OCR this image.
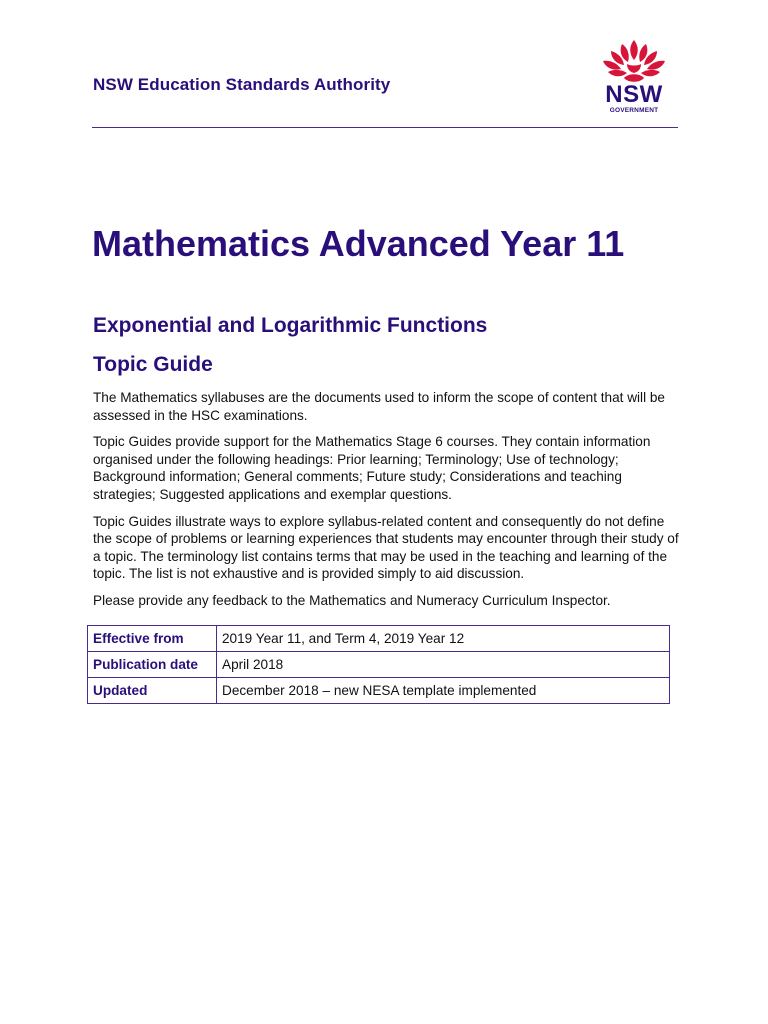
NSW Education Standards Authority	NSW
GOVERNMENT
Mathematics Advanced Year 11
Exponential and Logarithmic Functions
Topic Guide

The Mathematics syllabuses are the documents used to inform the scope of content that will be assessed in the HSC examinations.

Topic Guides provide support for the Mathematics Stage 6 courses. They contain information organised under the following headings: Prior learning; Terminology; Use of technology; Background information; General comments; Future study; Considerations and teaching strategies; Suggested applications and exemplar questions.

Topic Guides illustrate ways to explore syllabus-related content and consequently do not define the scope of problems or learning experiences that students may encounter through their study of a topic. The terminology list contains terms that may be used in the teaching and learning of the topic. The list is not exhaustive and is provided simply to aid discussion.

Please provide any feedback to the Mathematics and Numeracy Curriculum Inspector.

Effective from	2019 Year 11, and Term 4, 2019 Year 12
Publication date	April 2018
Updated	December 2018 – new NESA template implemented
